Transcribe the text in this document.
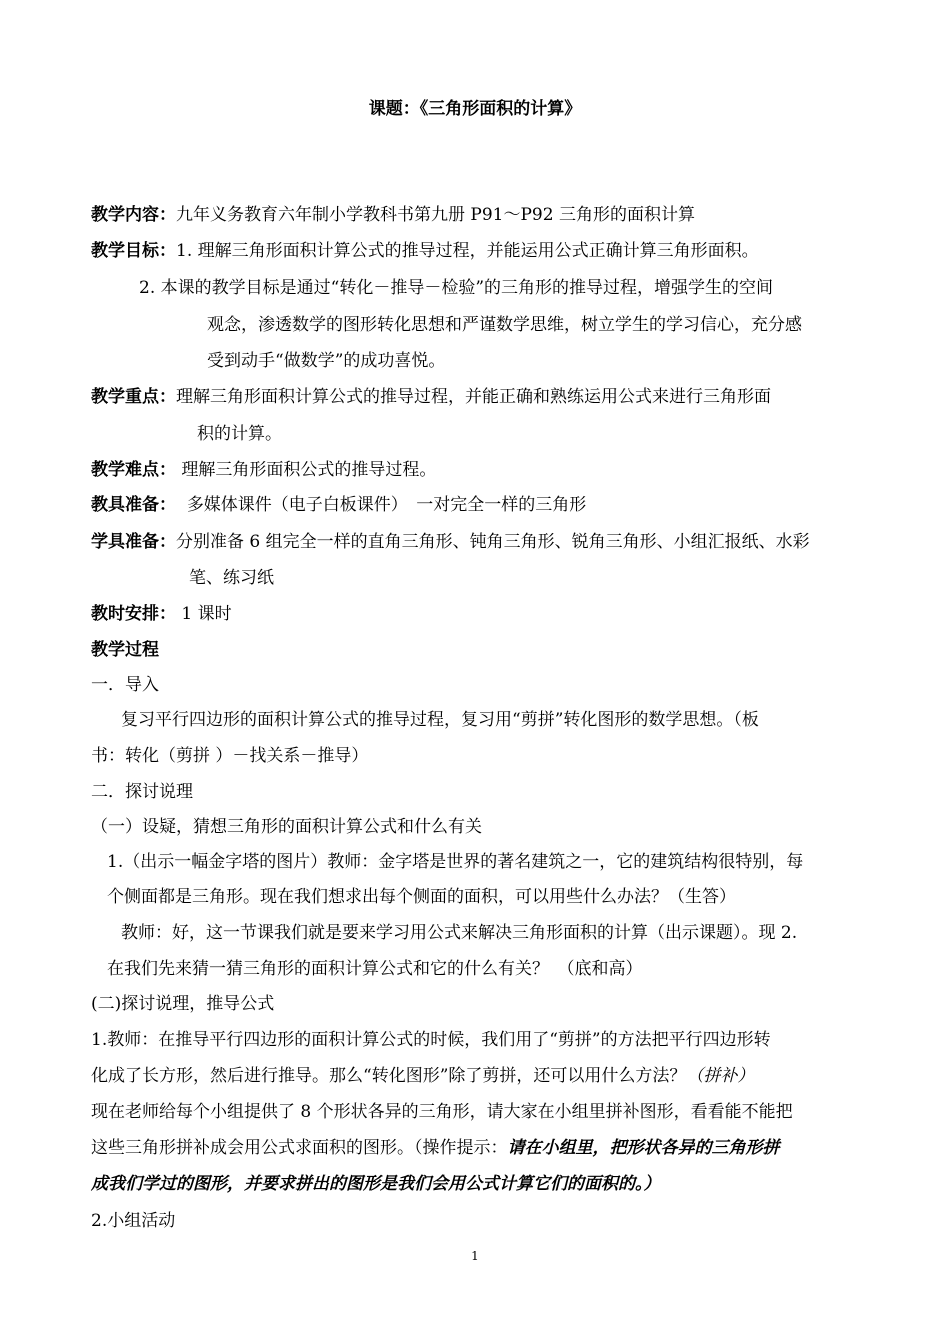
课题：《三角形面积的计算》
教学内容：九年义务教育六年制小学教科书第九册 P91～P92 三角形的面积计算
教学目标：1. 理解三角形面积计算公式的推导过程，并能运用公式正确计算三角形面积。
2. 本课的教学目标是通过“转化－推导－检验”的三角形的推导过程，增强学生的空间
观念，渗透数学的图形转化思想和严谨数学思维，树立学生的学习信心，充分感
受到动手“做数学”的成功喜悦。
教学重点：理解三角形面积计算公式的推导过程，并能正确和熟练运用公式来进行三角形面
积的计算。
教学难点： 理解三角形面积公式的推导过程。
教具准备： 多媒体课件（电子白板课件）　一对完全一样的三角形
学具准备：分别准备 6 组完全一样的直角三角形、钝角三角形、锐角三角形、小组汇报纸、水彩
笔、练习纸
教时安排： 1 课时
教学过程
一．导入
复习平行四边形的面积计算公式的推导过程，复习用“剪拼”转化图形的数学思想。（板
书：转化（剪拼 ）－找关系－推导）
二．探讨说理
（一）设疑，猜想三角形的面积计算公式和什么有关
1.（出示一幅金字塔的图片）教师：金字塔是世界的著名建筑之一，它的建筑结构很特别，每
个侧面都是三角形。现在我们想求出每个侧面的面积，可以用些什么办法？（生答）
教师：好，这一节课我们就是要来学习用公式来解决三角形面积的计算（出示课题）。现 2.
在我们先来猜一猜三角形的面积计算公式和它的什么有关？　（底和高）
(二)探讨说理，推导公式
1.教师：在推导平行四边形的面积计算公式的时候，我们用了“剪拼”的方法把平行四边形转
化成了长方形，然后进行推导。那么“转化图形”除了剪拼，还可以用什么方法？（拼补）
现在老师给每个小组提供了 8 个形状各异的三角形，请大家在小组里拼补图形，看看能不能把
这些三角形拼补成会用公式求面积的图形。（操作提示：请在小组里，把形状各异的三角形拼
成我们学过的图形，并要求拼出的图形是我们会用公式计算它们的面积的。）
2.小组活动
1
